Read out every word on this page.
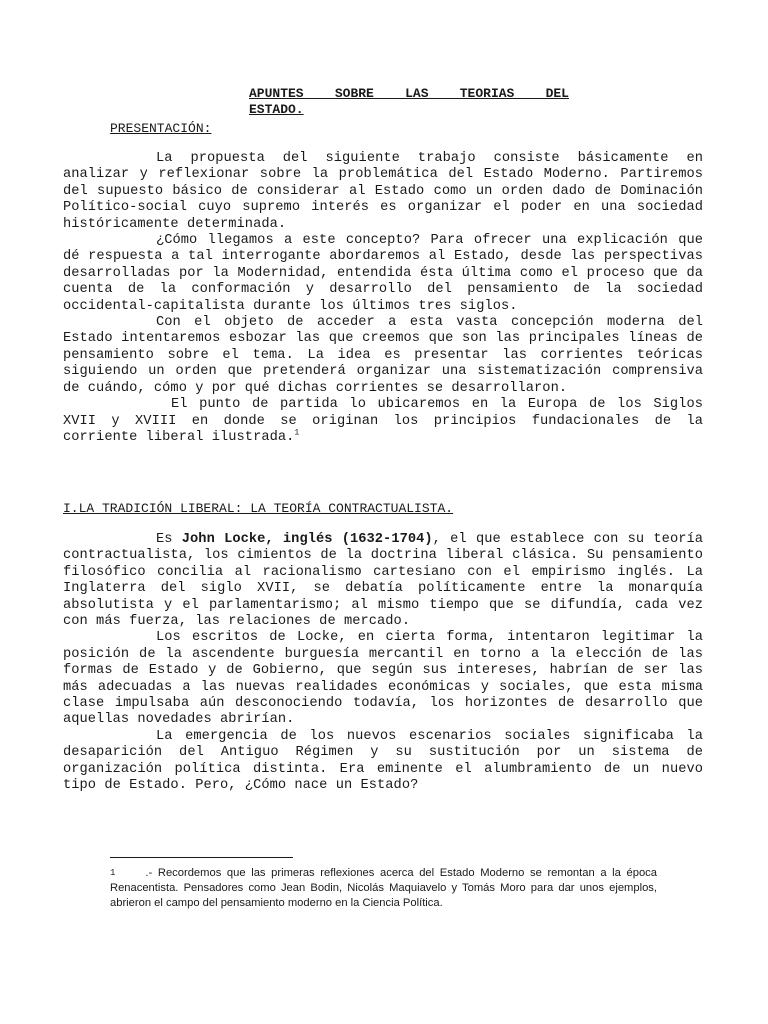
APUNTES SOBRE LAS TEORIAS DEL

ESTADO.
PRESENTACIÓN:

La propuesta del siguiente trabajo consiste básicamente en analizar y reflexionar sobre la problemática del Estado Moderno. Partiremos del supuesto básico de considerar al Estado como un orden dado de Dominación Político-social cuyo supremo interés es organizar el poder en una sociedad históricamente determinada.

¿Cómo llegamos a este concepto? Para ofrecer una explicación que dé respuesta a tal interrogante abordaremos al Estado, desde las perspectivas desarrolladas por la Modernidad, entendida ésta última como el proceso que da cuenta de la conformación y desarrollo del pensamiento de la sociedad occidental-capitalista durante los últimos tres siglos.

Con el objeto de acceder a esta vasta concepción moderna del Estado intentaremos esbozar las que creemos que son las principales líneas de pensamiento sobre el tema. La idea es presentar las corrientes teóricas siguiendo un orden que pretenderá organizar una sistematización comprensiva de cuándo, cómo y por qué dichas corrientes se desarrollaron.

El punto de partida lo ubicaremos en la Europa de los Siglos XVII y XVIII en donde se originan los principios fundacionales de la corriente liberal ilustrada.$^1$

I.LA TRADICIÓN LIBERAL: LA TEORÍA CONTRACTUALISTA.

Es John Locke, inglés (1632-1704), el que establece con su teoría contractualista, los cimientos de la doctrina liberal clásica. Su pensamiento filosófico concilia al racionalismo cartesiano con el empirismo inglés. La Inglaterra del siglo XVII, se debatía políticamente entre la monarquía absolutista y el parlamentarismo; al mismo tiempo que se difundía, cada vez con más fuerza, las relaciones de mercado.

Los escritos de Locke, en cierta forma, intentaron legitimar la posición de la ascendente burguesía mercantil en torno a la elección de las formas de Estado y de Gobierno, que según sus intereses, habrían de ser las más adecuadas a las nuevas realidades económicas y sociales, que esta misma clase impulsaba aún desconociendo todavía, los horizontes de desarrollo que aquellas novedades abrirían.

La emergencia de los nuevos escenarios sociales significaba la desaparición del Antiguo Régimen y su sustitución por un sistema de organización política distinta. Era eminente el alumbramiento de un nuevo tipo de Estado. Pero, ¿Cómo nace un Estado?

$^1$	.- Recordemos que las primeras reflexiones acerca del Estado Moderno se remontan a la época Renacentista. Pensadores como Jean Bodin, Nicolás Maquiavelo y Tomás Moro para dar unos ejemplos, abrieron el campo del pensamiento moderno en la Ciencia Política.
